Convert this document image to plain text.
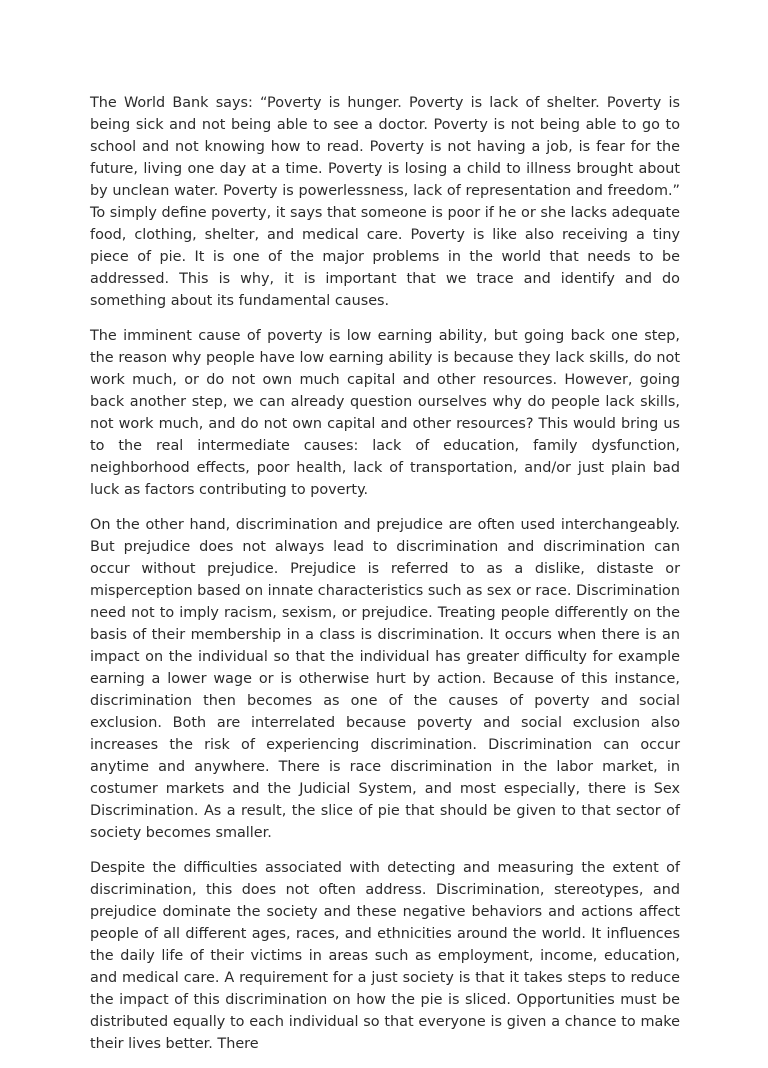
The World Bank says: “Poverty is hunger. Poverty is lack of shelter. Poverty is being sick and not being able to see a doctor. Poverty is not being able to go to school and not knowing how to read. Poverty is not having a job, is fear for the future, living one day at a time. Poverty is losing a child to illness brought about by unclean water. Poverty is powerlessness, lack of representation and freedom.” To simply define poverty, it says that someone is poor if he or she lacks adequate food, clothing, shelter, and medical care. Poverty is like also receiving a tiny piece of pie. It is one of the major problems in the world that needs to be addressed. This is why, it is important that we trace and identify and do something about its fundamental causes.

The imminent cause of poverty is low earning ability, but going back one step, the reason why people have low earning ability is because they lack skills, do not work much, or do not own much capital and other resources. However, going back another step, we can already question ourselves why do people lack skills, not work much, and do not own capital and other resources? This would bring us to the real intermediate causes: lack of education, family dysfunction, neighborhood effects, poor health, lack of transportation, and/or just plain bad luck as factors contributing to poverty.

On the other hand, discrimination and prejudice are often used interchangeably. But prejudice does not always lead to discrimination and discrimination can occur without prejudice. Prejudice is referred to as a dislike, distaste or misperception based on innate characteristics such as sex or race. Discrimination need not to imply racism, sexism, or prejudice. Treating people differently on the basis of their membership in a class is discrimination. It occurs when there is an impact on the individual so that the individual has greater difficulty for example earning a lower wage or is otherwise hurt by action. Because of this instance, discrimination then becomes as one of the causes of poverty and social exclusion. Both are interrelated because poverty and social exclusion also increases the risk of experiencing discrimination. Discrimination can occur anytime and anywhere. There is race discrimination in the labor market, in costumer markets and the Judicial System, and most especially, there is Sex Discrimination. As a result, the slice of pie that should be given to that sector of society becomes smaller.

Despite the difficulties associated with detecting and measuring the extent of discrimination, this does not often address. Discrimination, stereotypes, and prejudice dominate the society and these negative behaviors and actions affect people of all different ages, races, and ethnicities around the world. It influences the daily life of their victims in areas such as employment, income, education, and medical care. A requirement for a just society is that it takes steps to reduce the impact of this discrimination on how the pie is sliced. Opportunities must be distributed equally to each individual so that everyone is given a chance to make their lives better. There
